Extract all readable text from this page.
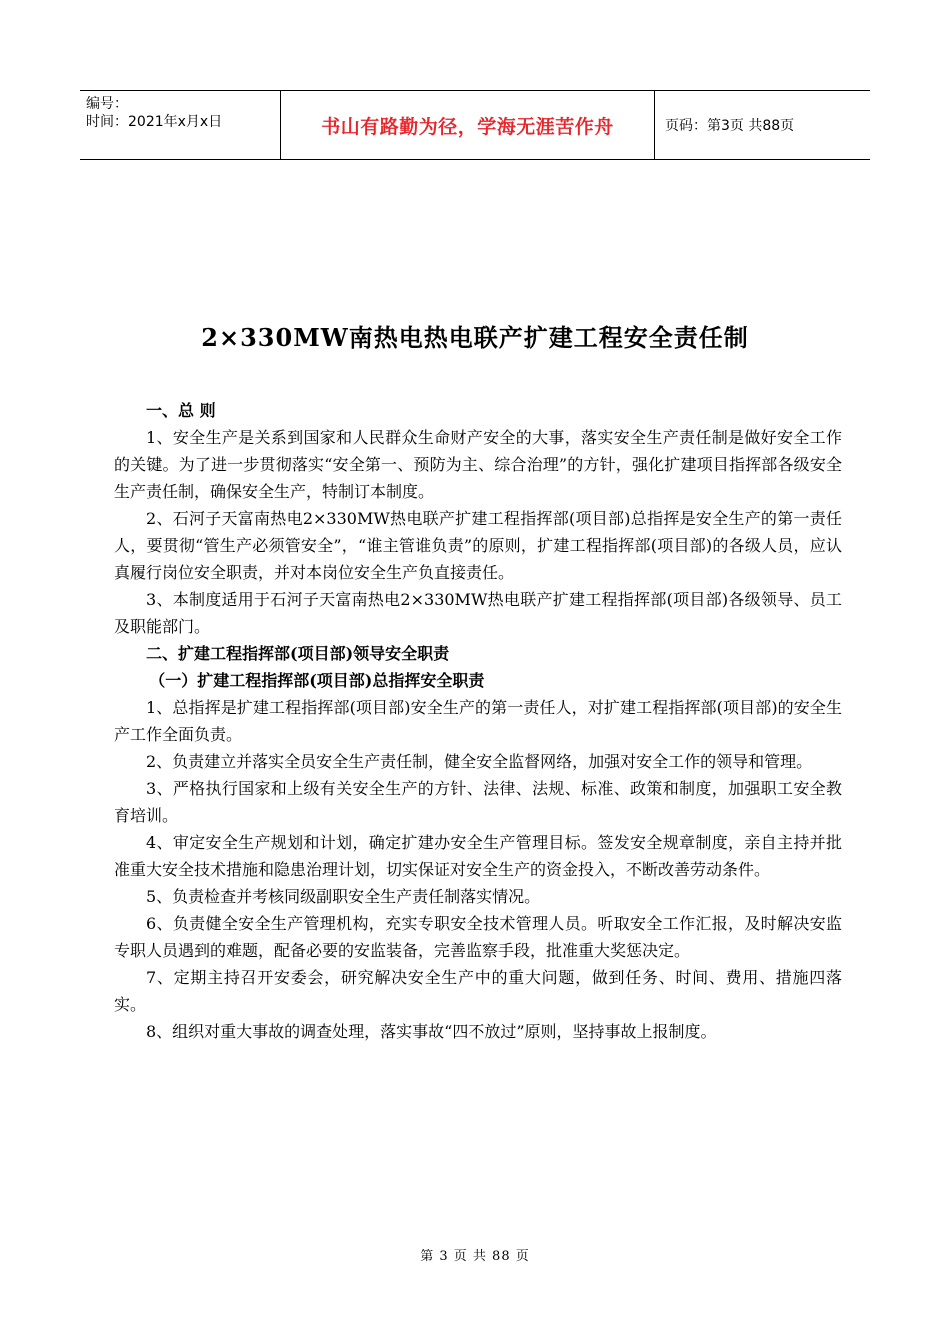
编号：
时间：2021年x月x日	书山有路勤为径，学海无涯苦作舟	页码：第3页 共88页
2×330MW南热电热电联产扩建工程安全责任制

一、总 则

1、安全生产是关系到国家和人民群众生命财产安全的大事，落实安全生产责任制是做好安全工作的关键。为了进一步贯彻落实“安全第一、预防为主、综合治理”的方针，强化扩建项目指挥部各级安全生产责任制，确保安全生产，特制订本制度。

2、石河子天富南热电2×330MW热电联产扩建工程指挥部(项目部)总指挥是安全生产的第一责任人，要贯彻“管生产必须管安全”，“谁主管谁负责”的原则，扩建工程指挥部(项目部)的各级人员，应认真履行岗位安全职责，并对本岗位安全生产负直接责任。

3、本制度适用于石河子天富南热电2×330MW热电联产扩建工程指挥部(项目部)各级领导、员工及职能部门。

二、扩建工程指挥部(项目部)领导安全职责

（一）扩建工程指挥部(项目部)总指挥安全职责

1、总指挥是扩建工程指挥部(项目部)安全生产的第一责任人，对扩建工程指挥部(项目部)的安全生产工作全面负责。

2、负责建立并落实全员安全生产责任制，健全安全监督网络，加强对安全工作的领导和管理。

3、严格执行国家和上级有关安全生产的方针、法律、法规、标准、政策和制度，加强职工安全教育培训。

4、审定安全生产规划和计划，确定扩建办安全生产管理目标。签发安全规章制度，亲自主持并批准重大安全技术措施和隐患治理计划，切实保证对安全生产的资金投入，不断改善劳动条件。

5、负责检查并考核同级副职安全生产责任制落实情况。

6、负责健全安全生产管理机构，充实专职安全技术管理人员。听取安全工作汇报，及时解决安监专职人员遇到的难题，配备必要的安监装备，完善监察手段，批准重大奖惩决定。

7、定期主持召开安委会，研究解决安全生产中的重大问题，做到任务、时间、费用、措施四落实。

8、组织对重大事故的调查处理，落实事故“四不放过”原则，坚持事故上报制度。

第 3 页 共 88 页
